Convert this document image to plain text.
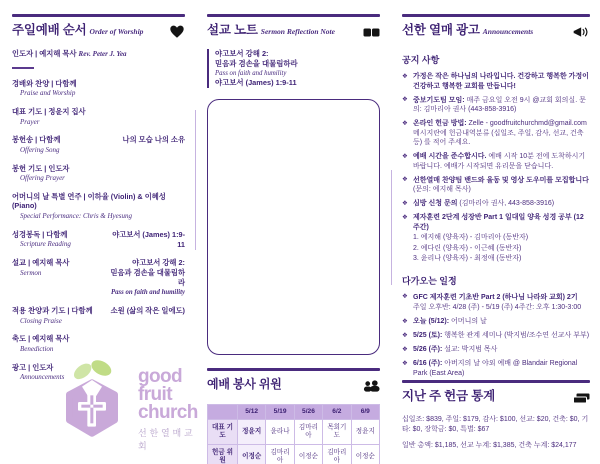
주일예배 순서 Order of Worship
인도자 | 예지해 목사 Rev. Peter J. Yea
경배와 찬양 | 다함께
Praise and Worship
대표 기도 | 정윤지 집사
Prayer
봉헌송 | 다함께
Offering Song
나의 모습 나의 소유
봉헌 기도 | 인도자
Offering Prayer
어머니의 날 특별 연주 | 이하율 (Violin) & 이혜성 (Piano)
Special Performance: Chris & Hyesung
성경봉독 | 다함께
Scripture Reading
야고보서 (James) 1:9-11
설교 | 예지해 목사
Sermon
야고보서 강해 2:
믿음과 겸손을 대물림하라
Pass on faith and humility
적용 찬양과 기도 | 다함께
Closing Praise
소원 (삶의 작은 일에도)
축도 | 예지해 목사
Benediction
광고 | 인도자
Announcements	good
fruit
church
선한열매교회
설교 노트 Sermon Reflection Note
야고보서 강해 2:
믿음과 겸손을 대물림하라
Pass on faith and humility
야고보서 (James) 1:9-11
예배 봉사 위원
	5/12	5/19	5/26	6/2	6/9
대표 기도	정윤지	윤라나	김마리아	목회기도	정윤지
헌금 위원	이정순	김마리아	이정순	김마리아	이정순
선한 열매 광고 Announcements
공지 사항
❖ 가정은 작은 하나님의 나라입니다. 건강하고 행복한 가정이 건강하고 행복한 교회를 만듭니다!
❖ 중보기도팀 모임: 매주 금요일 오전 9시 @교회 회의실. 문의: 김마리아 권사 (443-858-3916)
❖ 온라인 헌금 방법: Zelle - goodfruitchurchmd@gmail.com 메시지란에 헌금내역분류 (십일조, 주일, 감사, 선교, 건축 등) 를 적어 주세요.
❖ 예배 시간을 준수합시다. 예배 시작 10분 전에 도착하시기 바랍니다. 예배가 시작되면 유리문을 닫습니다.
❖ 선한열매 찬양팀 밴드와 율동 및 영상 도우미를 모집합니다 (문의: 예지해 목사)
❖ 심방 신청 문의 (김마리아 권사, 443-858-3916)
❖ 제자훈련 2단계 성장반 Part 1 일대일 양육 성경 공부 (12 주간)
1. 예지해 (양육자) - 김마리아 (동반자)
2. 예다린 (양육자) - 이근혜 (동반자)
3. 윤리나 (양육자) - 최정애 (동반자)
다가오는 일정
❖ GFC 제자훈련 기초반 Part 2 (하나님 나라와 교회) 2기
주일 오후반: 4/28 (주) - 5/19 (주) 4주간: 오후 1:30-3:00
❖ 오늘 (5/12): 어머니의 날
❖ 5/25 (토): 행복한 관계 세미나 (박지범/조수연 선교사 부부)
❖ 5/26 (주): 설교: 박지범 목사
❖ 6/16 (주): 아버지의 날 야외 예배 @ Blandair Regional Park (East Area)
지난 주 헌금 통계
십일조: $839, 주일: $179, 감사: $100, 선교: $20, 건축: $0, 기타: $0, 장학금: $0, 특별: $67
일반 총액: $1,185, 선교 누계: $1,385, 건축 누계: $24,177
